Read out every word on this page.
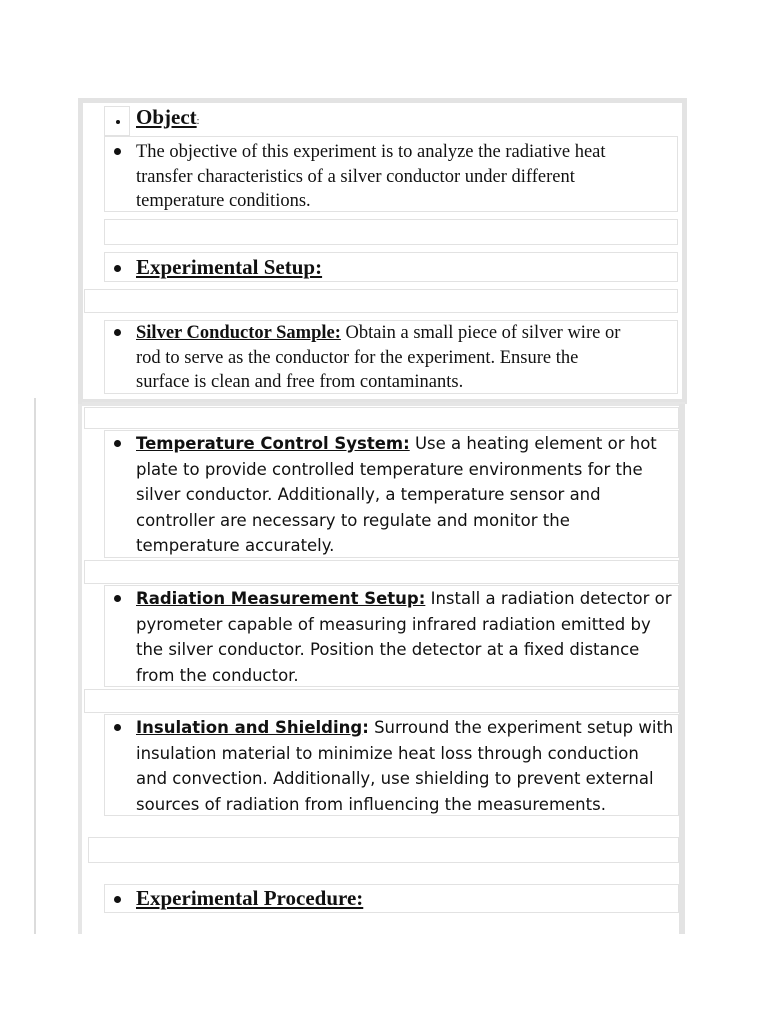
Object:
The objective of this experiment is to analyze the radiative heat
transfer characteristics of a silver conductor under different
temperature conditions.
Experimental Setup:
Silver Conductor Sample: Obtain a small piece of silver wire or
rod to serve as the conductor for the experiment. Ensure the
surface is clean and free from contaminants.
Temperature Control System: Use a heating element or hot
plate to provide controlled temperature environments for the
silver conductor. Additionally, a temperature sensor and
controller are necessary to regulate and monitor the
temperature accurately.
Radiation Measurement Setup: Install a radiation detector or
pyrometer capable of measuring infrared radiation emitted by
the silver conductor. Position the detector at a fixed distance
from the conductor.
Insulation and Shielding: Surround the experiment setup with
insulation material to minimize heat loss through conduction
and convection. Additionally, use shielding to prevent external
sources of radiation from influencing the measurements.
Experimental Procedure:
